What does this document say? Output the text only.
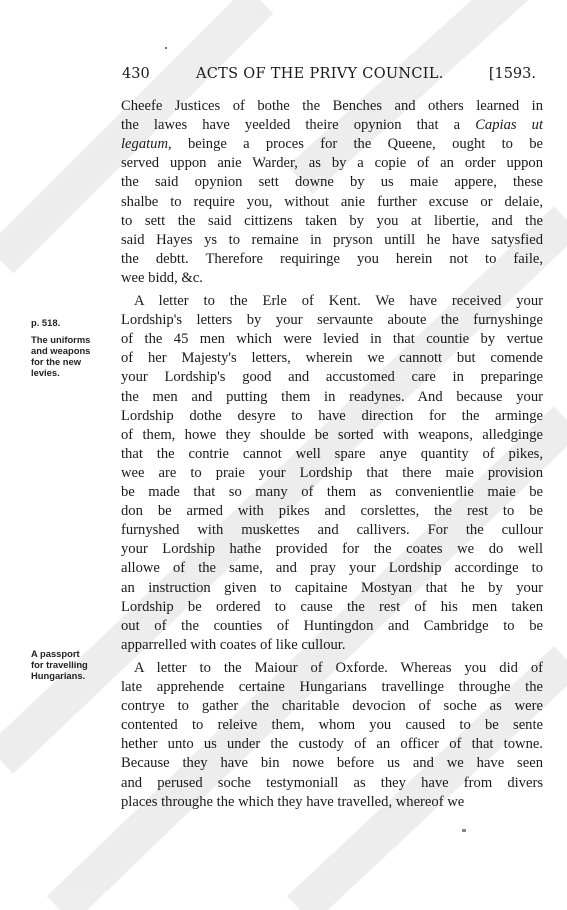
430	ACTS OF THE PRIVY COUNCIL.	[1593.
Cheefe Justices of bothe the Benches and others learned in
the lawes have yeelded theire opynion that a Capias ut
legatum, beinge a proces for the Queene, ought to be
served uppon anie Warder, as by a copie of an order uppon
the said opynion sett downe by us maie appere, these
shalbe to require you, without anie further excuse or delaie,
to sett the said cittizens taken by you at libertie, and the
said Hayes ys to remaine in pryson untill he have satysfied
the debtt. Therefore requiringe you herein not to faile,
wee bidd, &c.
A letter to the Erle of Kent. We have received your
Lordship's letters by your servaunte aboute the furnyshinge
of the 45 men which were levied in that countie by vertue
of her Majesty's letters, wherein we cannott but comende
your Lordship's good and accustomed care in preparinge
the men and putting them in readynes. And because your
Lordship dothe desyre to have direction for the arminge
of them, howe they shoulde be sorted with weapons, alledginge
that the contrie cannot well spare anye quantity of pikes,
wee are to praie your Lordship that there maie provision
be made that so many of them as convenientlie maie be
don be armed with pikes and corslettes, the rest to be
furnyshed with muskettes and callivers. For the cullour
your Lordship hathe provided for the coates we do well
allowe of the same, and pray your Lordship accordinge to
an instruction given to capitaine Mostyan that he by your
Lordship be ordered to cause the rest of his men taken
out of the counties of Huntingdon and Cambridge to be
apparrelled with coates of like cullour.
A letter to the Maiour of Oxforde. Whereas you did of
late apprehende certaine Hungarians travellinge throughe the
contrye to gather the charitable devocion of soche as were
contented to releive them, whom you caused to be sente
hether unto us under the custody of an officer of that towne.
Because they have bin nowe before us and we have seen
and perused soche testymoniall as they have from divers
places throughe the which they have travelled, whereof we
p. 518.
The uniforms
and weapons
for the new
levies.
A passport
for travelling
Hungarians.
